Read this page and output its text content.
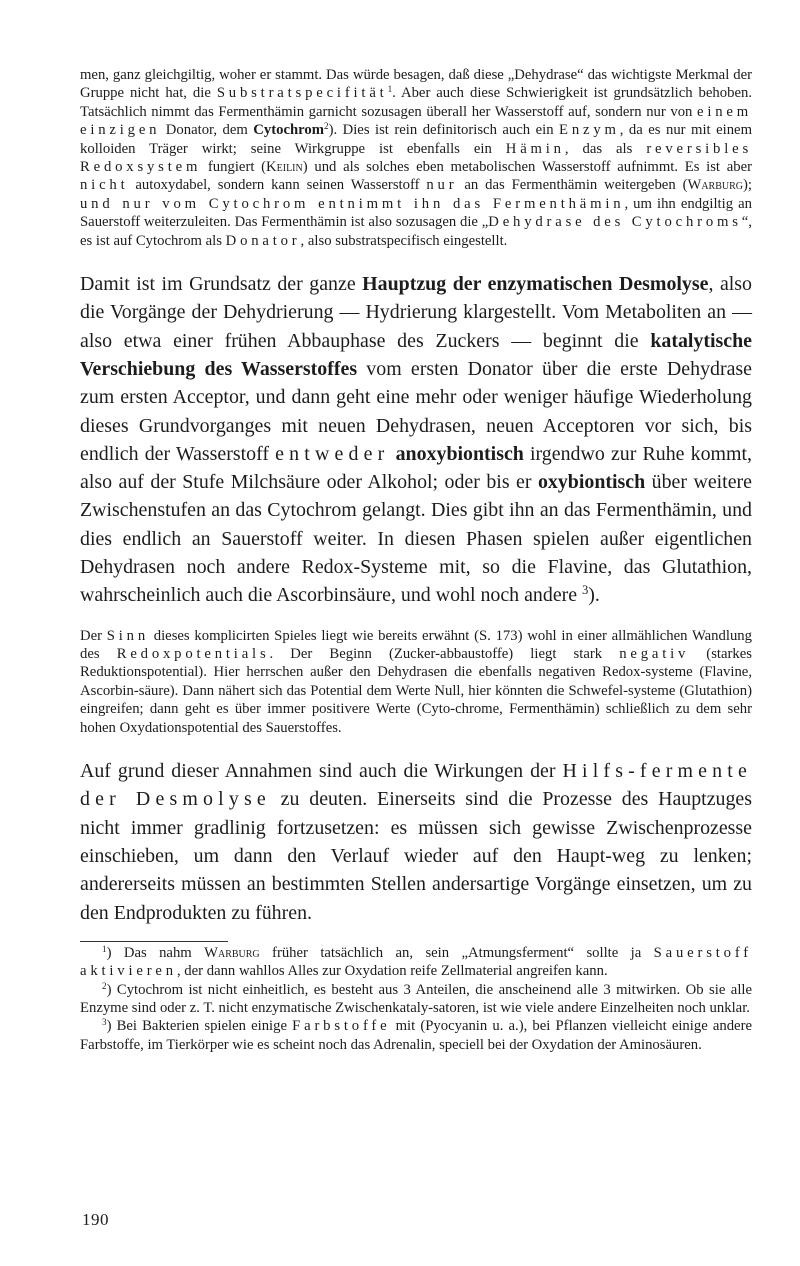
men, ganz gleichgiltig, woher er stammt. Das würde besagen, daß diese „Dehydrase“ das wichtigste Merkmal der Gruppe nicht hat, die Substratspecifität$^1$. Aber auch diese Schwierigkeit ist grundsätzlich behoben. Tatsächlich nimmt das Fermenthämin garnicht sozusagen überall her Wasserstoff auf, sondern nur von einem einzigen Donator, dem Cytochrom$^2$). Dies ist rein definitorisch auch ein Enzym, da es nur mit einem kolloiden Träger wirkt; seine Wirkgruppe ist ebenfalls ein Hämin, das als reversibles Redoxsystem fungiert (Keilin) und als solches eben metabolischen Wasserstoff aufnimmt. Es ist aber nicht autoxydabel, sondern kann seinen Wasserstoff nur an das Fermenthämin weitergeben (Warburg); und nur vom Cytochrom entnimmt ihn das Fermenthämin, um ihn endgiltig an Sauerstoff weiterzuleiten. Das Fermenthämin ist also sozusagen die „Dehydrase des Cytochroms“, es ist auf Cytochrom als Donator, also substratspecifisch eingestellt.

Damit ist im Grundsatz der ganze Hauptzug der enzymatischen Desmolyse, also die Vorgänge der Dehydrierung — Hydrierung klargestellt. Vom Metaboliten an — also etwa einer frühen Abbauphase des Zuckers — beginnt die katalytische Verschiebung des Wasserstoffes vom ersten Donator über die erste Dehydrase zum ersten Acceptor, und dann geht eine mehr oder weniger häufige Wiederholung dieses Grundvorganges mit neuen Dehydrasen, neuen Acceptoren vor sich, bis endlich der Wasserstoff entweder anoxybiontisch irgendwo zur Ruhe kommt, also auf der Stufe Milchsäure oder Alkohol; oder bis er oxybiontisch über weitere Zwischenstufen an das Cytochrom gelangt. Dies gibt ihn an das Fermenthämin, und dies endlich an Sauerstoff weiter. In diesen Phasen spielen außer eigentlichen Dehydrasen noch andere Redox-Systeme mit, so die Flavine, das Glutathion, wahrscheinlich auch die Ascorbinsäure, und wohl noch andere $^3$).

Der Sinn dieses komplicirten Spieles liegt wie bereits erwähnt (S. 173) wohl in einer allmählichen Wandlung des Redoxpotentials. Der Beginn (Zucker-abbaustoffe) liegt stark negativ (starkes Reduktionspotential). Hier herrschen außer den Dehydrasen die ebenfalls negativen Redox-systeme (Flavine, Ascorbin-säure). Dann nähert sich das Potential dem Werte Null, hier könnten die Schwefel-systeme (Glutathion) eingreifen; dann geht es über immer positivere Werte (Cyto-chrome, Fermenthämin) schließlich zu dem sehr hohen Oxydationspotential des Sauerstoffes.

Auf grund dieser Annahmen sind auch die Wirkungen der Hilfs-fermente der Desmolyse zu deuten. Einerseits sind die Prozesse des Hauptzuges nicht immer gradlinig fortzusetzen: es müssen sich gewisse Zwischenprozesse einschieben, um dann den Verlauf wieder auf den Haupt-weg zu lenken; andererseits müssen an bestimmten Stellen andersartige Vorgänge einsetzen, um zu den Endprodukten zu führen.

$^1$) Das nahm Warburg früher tatsächlich an, sein „Atmungsferment“ sollte ja Sauerstoff aktivieren, der dann wahllos Alles zur Oxydation reife Zellmaterial angreifen kann.

$^2$) Cytochrom ist nicht einheitlich, es besteht aus 3 Anteilen, die anscheinend alle 3 mitwirken. Ob sie alle Enzyme sind oder z. T. nicht enzymatische Zwischenkataly-satoren, ist wie viele andere Einzelheiten noch unklar.

$^3$) Bei Bakterien spielen einige Farbstoffe mit (Pyocyanin u. a.), bei Pflanzen vielleicht einige andere Farbstoffe, im Tierkörper wie es scheint noch das Adrenalin, speciell bei der Oxydation der Aminosäuren.

190
